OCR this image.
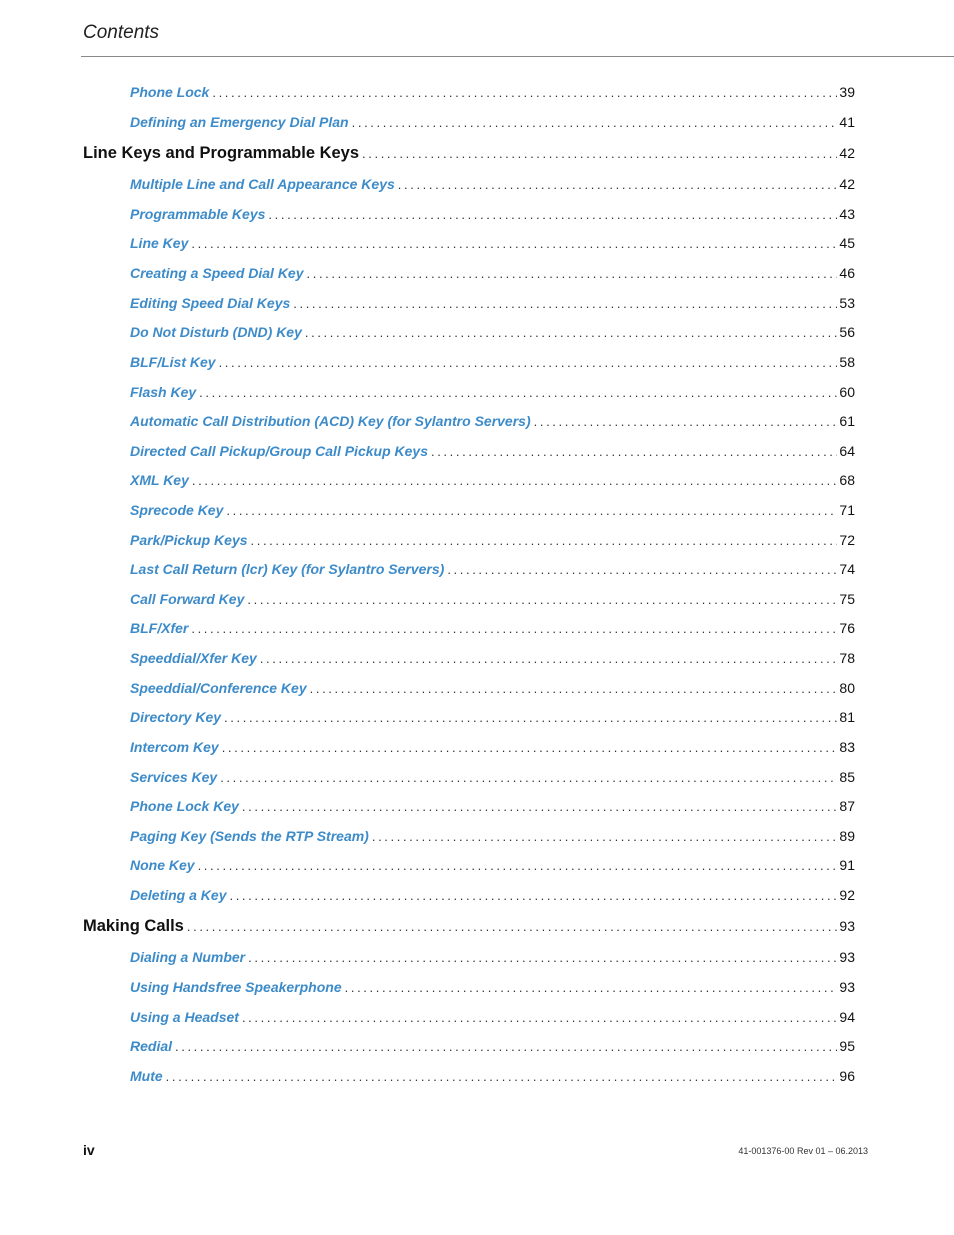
Contents
Phone Lock . . .	39
Defining an Emergency Dial Plan . . .	41
Line Keys and Programmable Keys . . .	42
Multiple Line and Call Appearance Keys . . .	42
Programmable Keys . . .	43
Line Key . . .	45
Creating a Speed Dial Key . . .	46
Editing Speed Dial Keys . . .	53
Do Not Disturb (DND) Key . . .	56
BLF/List Key . . .	58
Flash Key . . .	60
Automatic Call Distribution (ACD) Key (for Sylantro Servers) . . .	61
Directed Call Pickup/Group Call Pickup Keys . . .	64
XML Key . . .	68
Sprecode Key . . .	71
Park/Pickup Keys . . .	72
Last Call Return (lcr) Key (for Sylantro Servers) . . .	74
Call Forward Key . . .	75
BLF/Xfer . . .	76
Speeddial/Xfer Key . . .	78
Speeddial/Conference Key . . .	80
Directory Key . . .	81
Intercom Key . . .	83
Services Key . . .	85
Phone Lock Key . . .	87
Paging Key (Sends the RTP Stream) . . .	89
None Key . . .	91
Deleting a Key . . .	92
Making Calls . . .	93
Dialing a Number . . .	93
Using Handsfree Speakerphone . . .	93
Using a Headset . . .	94
Redial . . .	95
Mute . . .	96
iv	41-001376-00 Rev 01 – 06.2013
